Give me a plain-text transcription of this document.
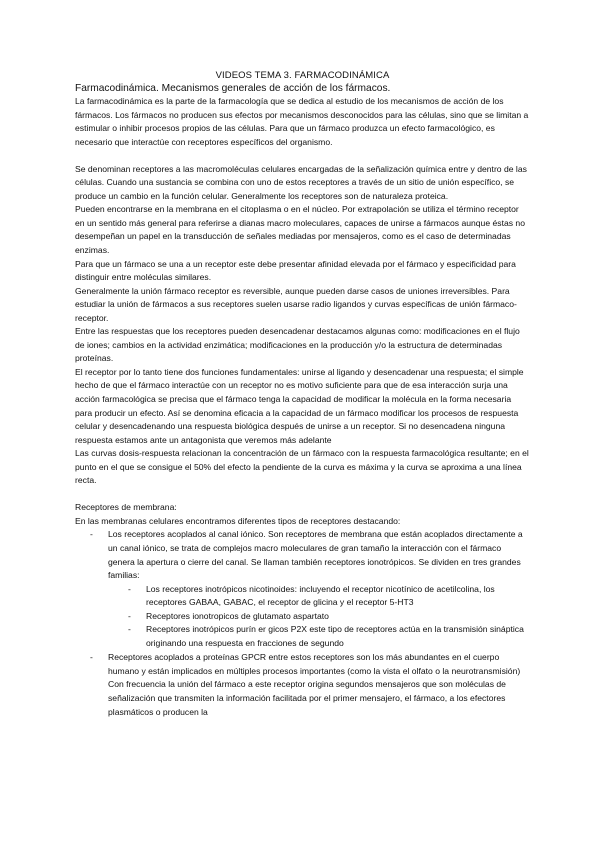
VIDEOS TEMA 3. FARMACODINÁMICA
Farmacodinámica. Mecanismos generales de acción de los fármacos.

La farmacodinámica es la parte de la farmacología que se dedica al estudio de los mecanismos de acción de los fármacos. Los fármacos no producen sus efectos por mecanismos desconocidos para las células, sino que se limitan a estimular o inhibir procesos propios de las células. Para que un fármaco produzca un efecto farmacológico, es necesario que interactúe con receptores específicos del organismo.

Se denominan receptores a las macromoléculas celulares encargadas de la señalización química entre y dentro de las células. Cuando una sustancia se combina con uno de estos receptores a través de un sitio de unión específico, se produce un cambio en la función celular. Generalmente los receptores son de naturaleza proteica.

Pueden encontrarse en la membrana en el citoplasma o en el núcleo. Por extrapolación se utiliza el término receptor en un sentido más general para referirse a dianas macro moleculares, capaces de unirse a fármacos aunque éstas no desempeñan un papel en la transducción de señales mediadas por mensajeros, como es el caso de determinadas enzimas.

Para que un fármaco se una a un receptor este debe presentar afinidad elevada por el fármaco y especificidad para distinguir entre moléculas similares.

Generalmente la unión fármaco receptor es reversible, aunque pueden darse casos de uniones irreversibles. Para estudiar la unión de fármacos a sus receptores suelen usarse radio ligandos y curvas específicas de unión fármaco-receptor.

Entre las respuestas que los receptores pueden desencadenar destacamos algunas como: modificaciones en el flujo de iones; cambios en la actividad enzimática; modificaciones en la producción y/o la estructura de determinadas proteínas.

El receptor por lo tanto tiene dos funciones fundamentales: unirse al ligando y desencadenar una respuesta; el simple hecho de que el fármaco interactúe con un receptor no es motivo suficiente para que de esa interacción surja una acción farmacológica se precisa que el fármaco tenga la capacidad de modificar la molécula en la forma necesaria para producir un efecto. Así se denomina eficacia a la capacidad de un fármaco modificar los procesos de respuesta celular y desencadenando una respuesta biológica después de unirse a un receptor. Si no desencadena ninguna respuesta estamos ante un antagonista que veremos más adelante

Las curvas dosis-respuesta relacionan la concentración de un fármaco con la respuesta farmacológica resultante; en el punto en el que se consigue el 50% del efecto la pendiente de la curva es máxima y la curva se aproxima a una línea recta.

Receptores de membrana:

En las membranas celulares encontramos diferentes tipos de receptores destacando:

- Los receptores acoplados al canal iónico. Son receptores de membrana que están acoplados directamente a un canal iónico, se trata de complejos macro moleculares de gran tamaño la interacción con el fármaco genera la apertura o cierre del canal. Se llaman también receptores ionotrópicos. Se dividen en tres grandes familias:
- Los receptores inotrópicos nicotinoides: incluyendo el receptor nicotínico de acetilcolina, los receptores GABAA, GABAC, el receptor de glicina y el receptor 5-HT3
- Receptores ionotropicos de glutamato aspartato
- Receptores inotrópicos purín er gicos P2X este tipo de receptores actúa en la transmisión sináptica originando una respuesta en fracciones de segundo
- Receptores acoplados a proteínas GPCR entre estos receptores son los más abundantes en el cuerpo humano y están implicados en múltiples procesos importantes (como la vista el olfato o la neurotransmisión) Con frecuencia la unión del fármaco a este receptor origina segundos mensajeros que son moléculas de señalización que transmiten la información facilitada por el primer mensajero, el fármaco, a los efectores plasmáticos o producen la
